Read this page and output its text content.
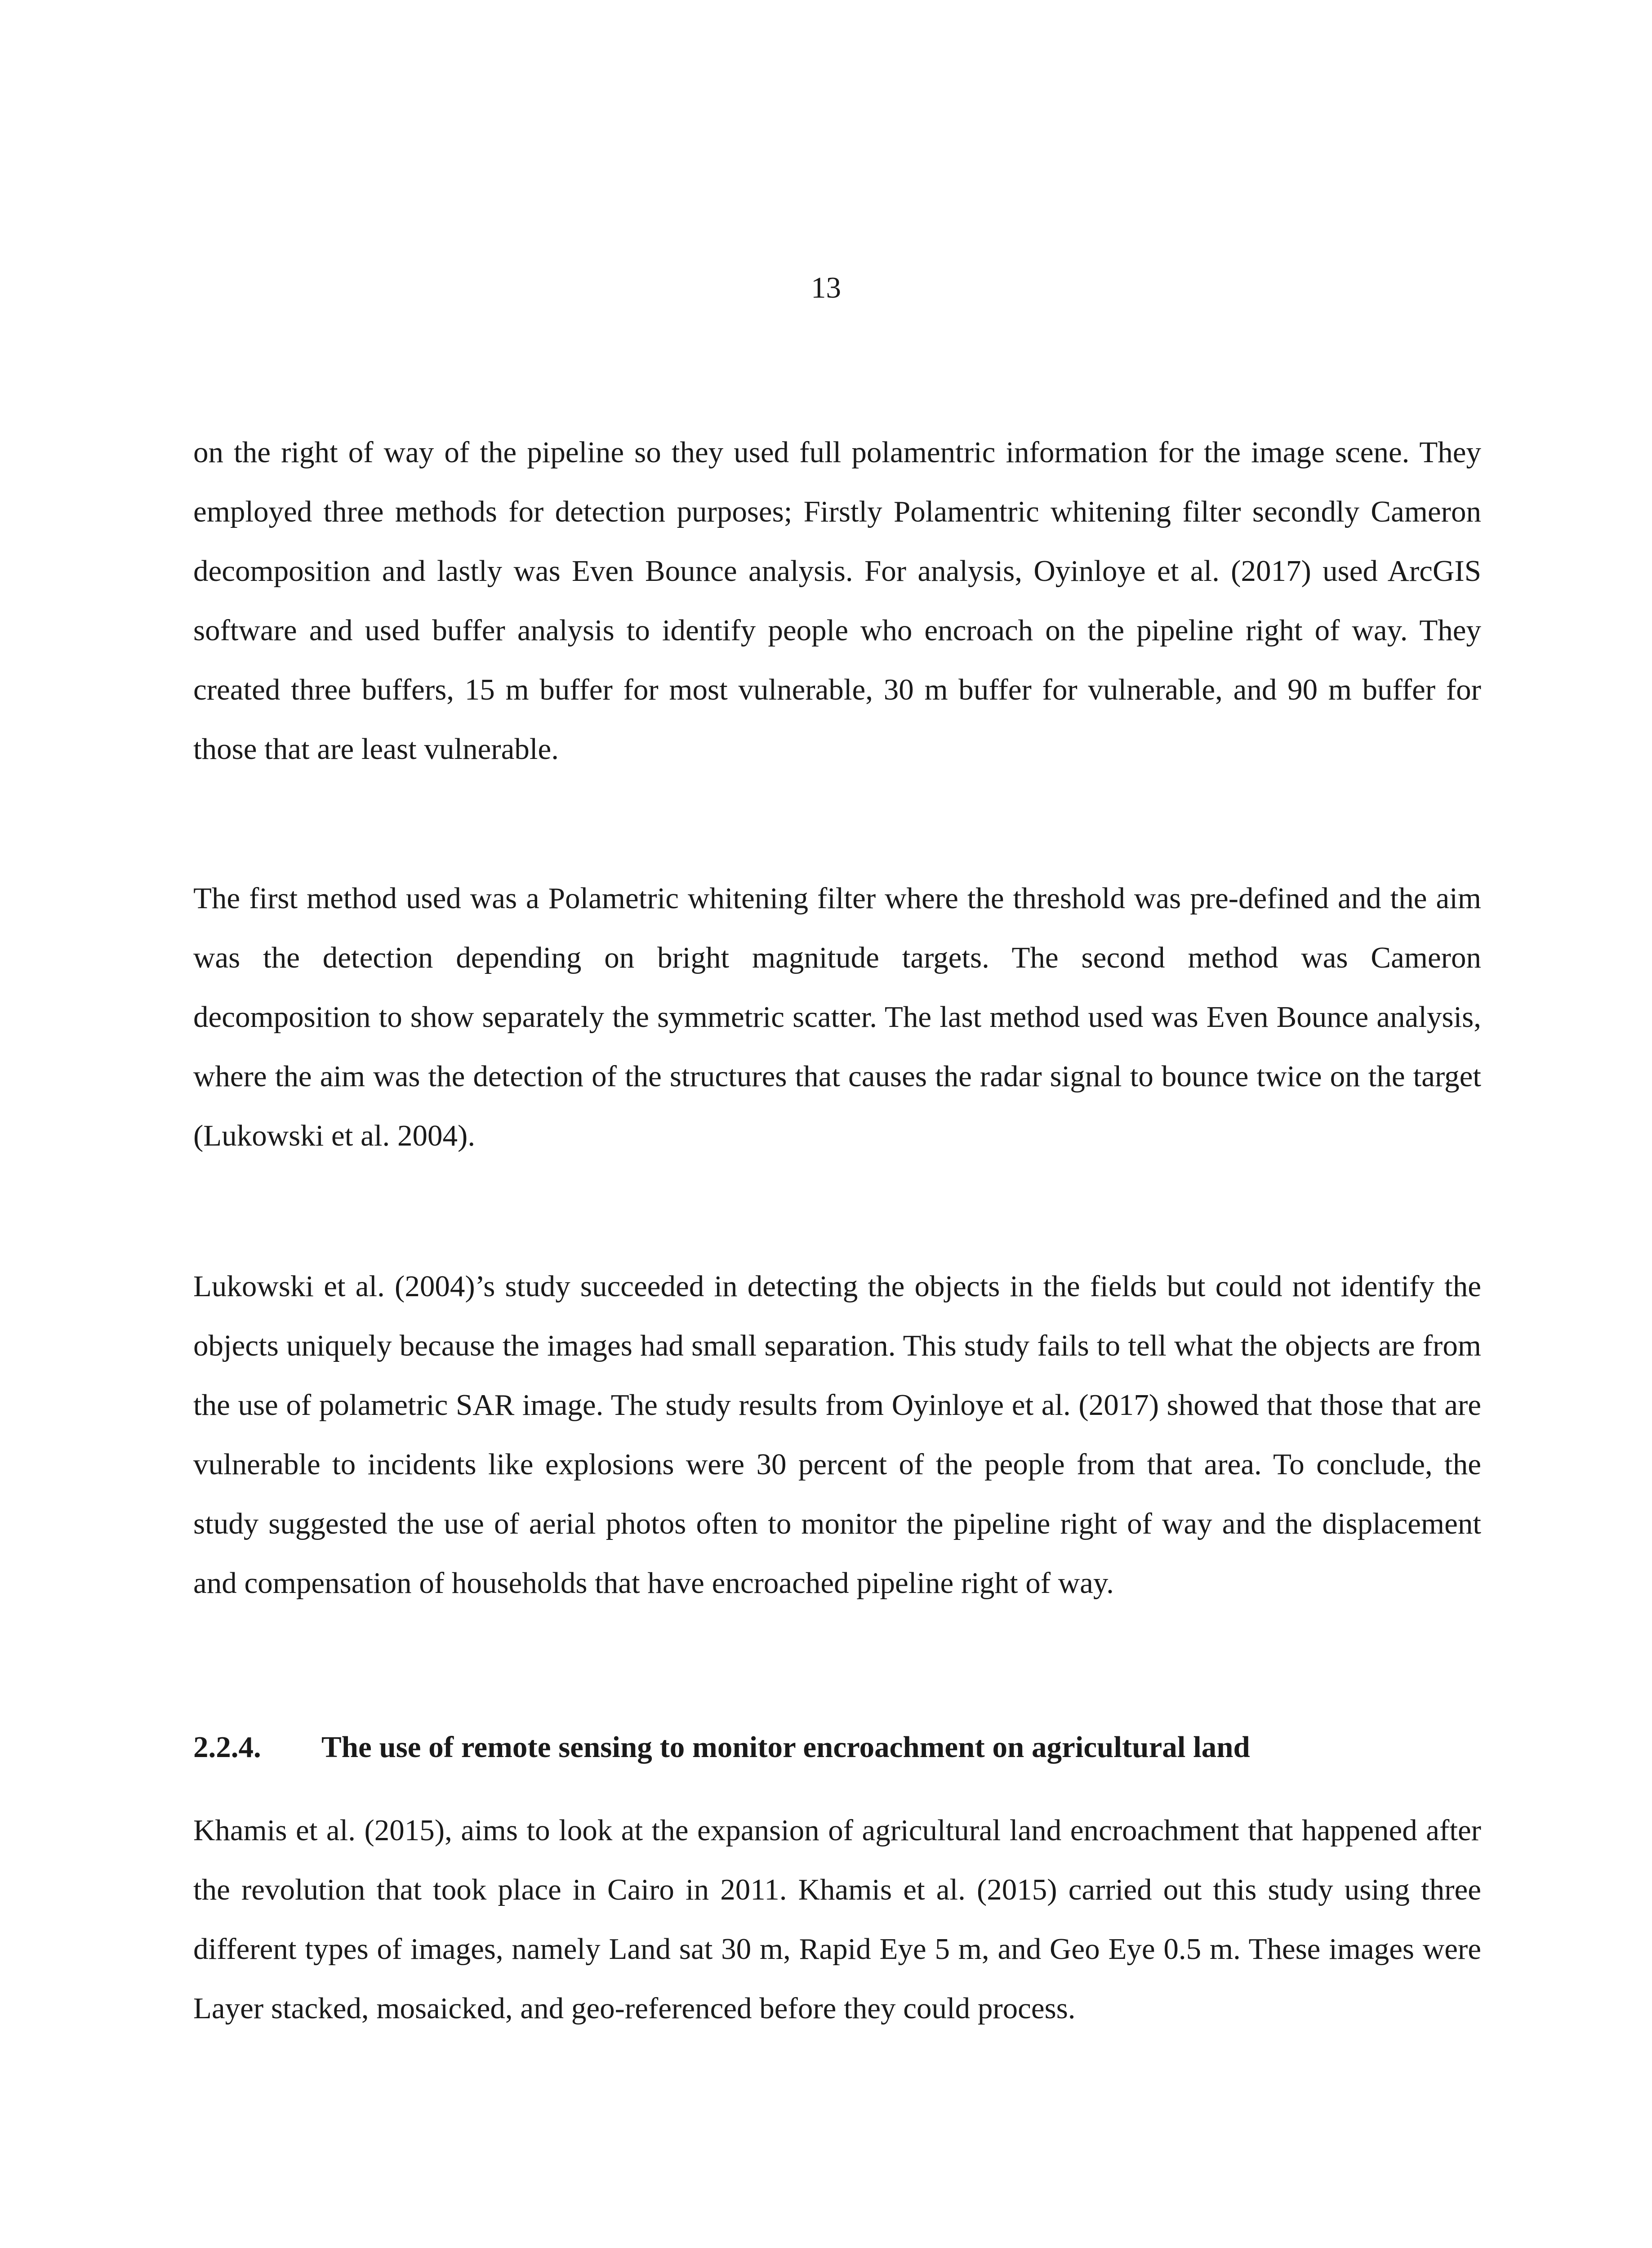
13

on the right of way of the pipeline so they used full polamentric information for the image scene. They employed three methods for detection purposes; Firstly Polamentric whitening filter secondly Cameron decomposition and lastly was Even Bounce analysis. For analysis, Oyinloye et al. (2017) used ArcGIS software and used buffer analysis to identify people who encroach on the pipeline right of way. They created three buffers, 15 m buffer for most vulnerable, 30 m buffer for vulnerable, and 90 m buffer for those that are least vulnerable.

The first method used was a Polametric whitening filter where the threshold was pre-defined and the aim was the detection depending on bright magnitude targets. The second method was Cameron decomposition to show separately the symmetric scatter. The last method used was Even Bounce analysis, where the aim was the detection of the structures that causes the radar signal to bounce twice on the target (Lukowski et al. 2004).

Lukowski et al. (2004)’s study succeeded in detecting the objects in the fields but could not identify the objects uniquely because the images had small separation. This study fails to tell what the objects are from the use of polametric SAR image. The study results from Oyinloye et al. (2017) showed that those that are vulnerable to incidents like explosions were 30 percent of the people from that area. To conclude, the study suggested the use of aerial photos often to monitor the pipeline right of way and the displacement and compensation of households that have encroached pipeline right of way.

2.2.4.	The use of remote sensing to monitor encroachment on agricultural land

Khamis et al. (2015), aims to look at the expansion of agricultural land encroachment that happened after the revolution that took place in Cairo in 2011. Khamis et al. (2015) carried out this study using three different types of images, namely Land sat 30 m, Rapid Eye 5 m, and Geo Eye 0.5 m. These images were Layer stacked, mosaicked, and geo-referenced before they could process.
